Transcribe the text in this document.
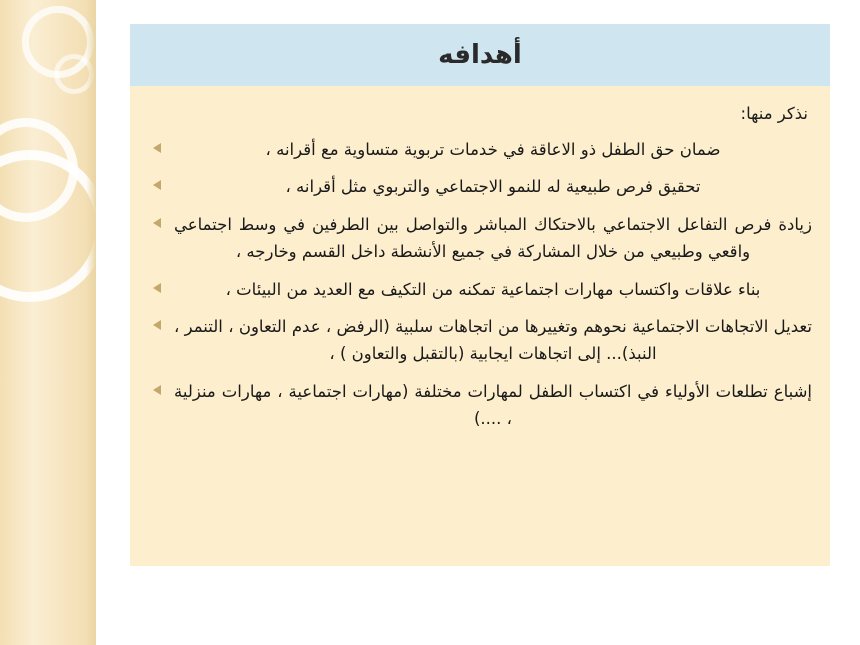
أهدافه
نذكر منها:
ضمان حق الطفل ذو الاعاقة في خدمات تربوية متساوية مع أقرانه ،
تحقيق فرص طبيعية له للنمو الاجتماعي والتربوي مثل أقرانه ،
زيادة فرص التفاعل الاجتماعي بالاحتكاك المباشر والتواصل بين الطرفين في وسط اجتماعي واقعي وطبيعي من خلال المشاركة في جميع الأنشطة داخل القسم وخارجه ،
بناء علاقات واكتساب مهارات اجتماعية تمكنه من التكيف مع العديد من البيئات ،
تعديل الاتجاهات الاجتماعية نحوهم وتغييرها من اتجاهات سلبية (الرفض ، عدم التعاون ، التنمر ، النبذ)... إلى اتجاهات ايجابية (بالتقبل والتعاون ) ،
إشباع تطلعات الأولياء في اكتساب الطفل لمهارات مختلفة (مهارات اجتماعية ، مهارات منزلية ، ....)
